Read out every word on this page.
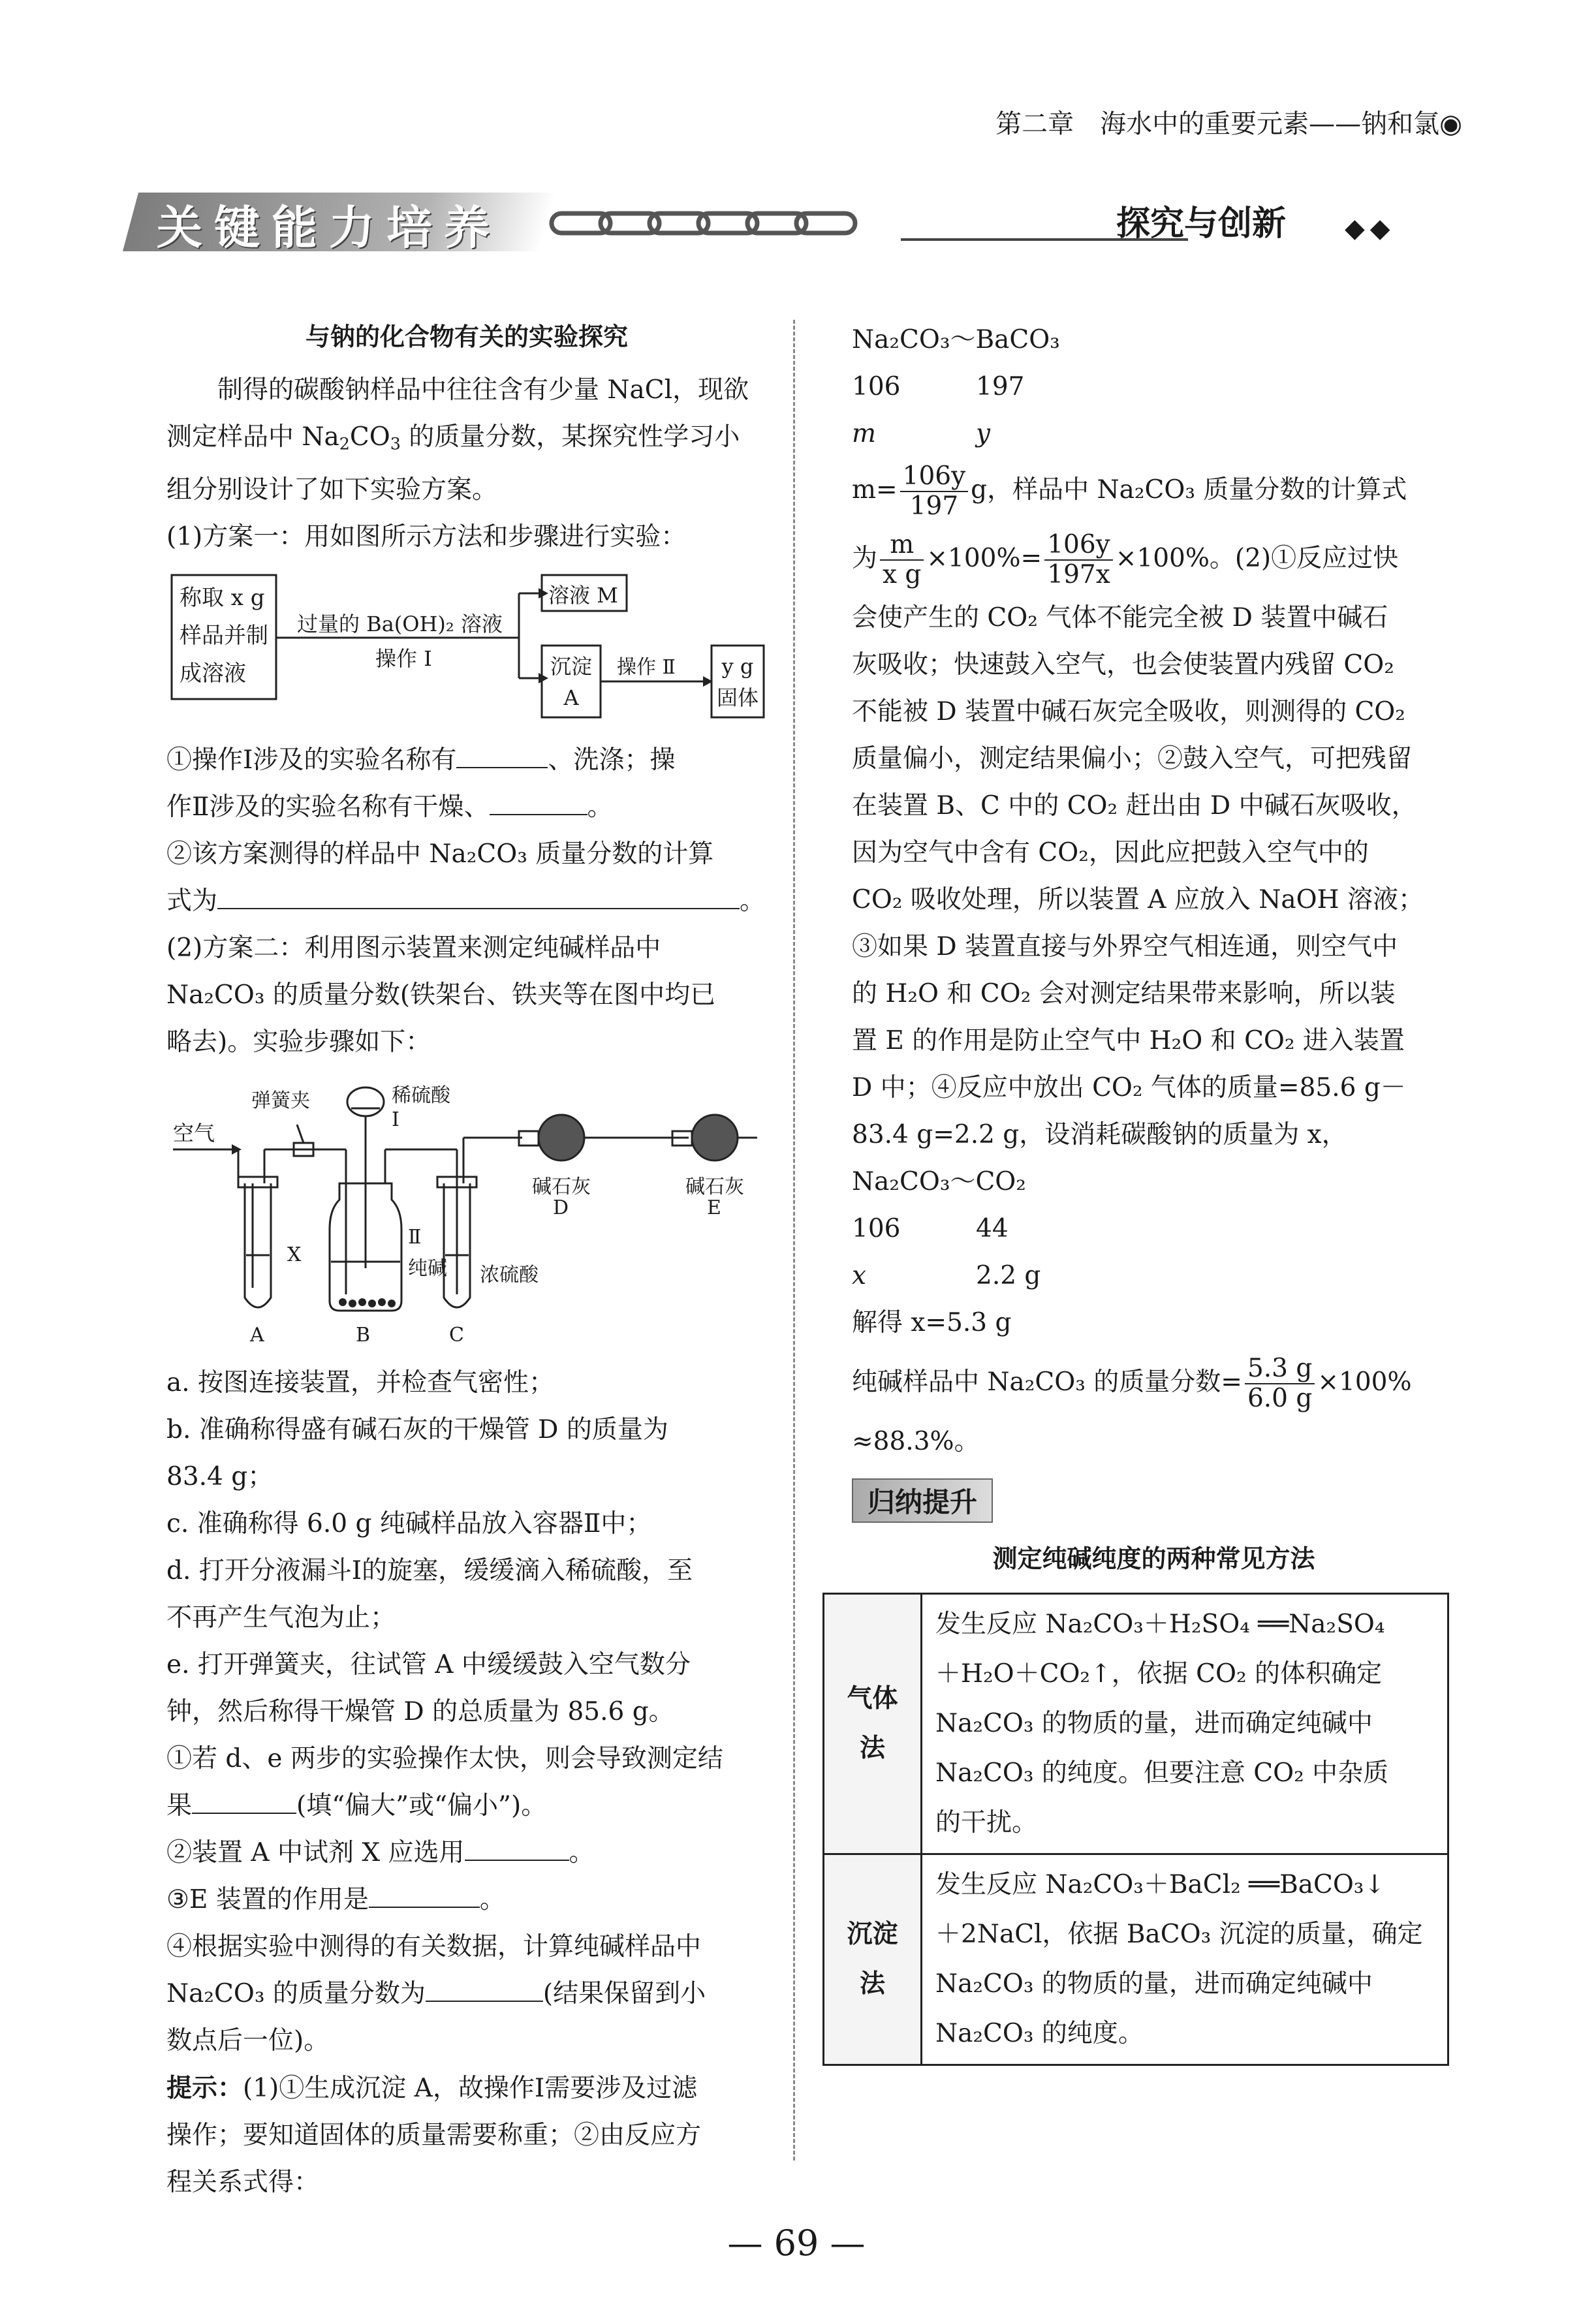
第二章　海水中的重要元素——钠和氯◉
关键能力培养	探究与创新 ◆◆
与钠的化合物有关的实验探究

制得的碳酸钠样品中往往含有少量 NaCl，现欲

测定样品中 $Na_2CO_3$ 的质量分数，某探究性学习小

组分别设计了如下实验方案。

(1)方案一：用如图所示方法和步骤进行实验：

称取 x g
样品并制
成溶液
过量的 Ba(OH)₂ 溶液
操作 Ⅰ
溶液 M
沉淀
A
操作 Ⅱ y g
固体

①操作Ⅰ涉及的实验名称有	、洗涤；操

作Ⅱ涉及的实验名称有干燥、	。

②该方案测得的样品中 Na₂CO₃ 质量分数的计算

式为	。

(2)方案二：利用图示装置来测定纯碱样品中

Na₂CO₃ 的质量分数(铁架台、铁夹等在图中均已

略去)。实验步骤如下：

空气
弹簧夹	稀硫酸
Ⅰ
X
Ⅱ
纯碱 浓硫酸
碱石灰
D
碱石灰
E
A	B	C

a. 按图连接装置，并检查气密性；

b. 准确称得盛有碱石灰的干燥管 D 的质量为

83.4 g；

c. 准确称得 6.0 g 纯碱样品放入容器Ⅱ中；

d. 打开分液漏斗Ⅰ的旋塞，缓缓滴入稀硫酸，至

不再产生气泡为止；

e. 打开弹簧夹，往试管 A 中缓缓鼓入空气数分

钟，然后称得干燥管 D 的总质量为 85.6 g。

①若 d、e 两步的实验操作太快，则会导致测定结

果	(填“偏大”或“偏小”)。

②装置 A 中试剂 X 应选用	。

③E 装置的作用是	。

④根据实验中测得的有关数据，计算纯碱样品中

Na₂CO₃ 的质量分数为	(结果保留到小

数点后一位)。

提示：(1)①生成沉淀 A，故操作Ⅰ需要涉及过滤

操作；要知道固体的质量需要称重；②由反应方

程关系式得：

Na₂CO₃～BaCO₃

106	197
m	y

$m= \frac{106y}{197}$ g，样品中 Na₂CO₃ 质量分数的计算式

为 $\frac{m}{\text{x g}} \times 100\%= \frac{106y}{197x} \times 100\%$。(2)①反应过快

会使产生的 CO₂ 气体不能完全被 D 装置中碱石

灰吸收；快速鼓入空气，也会使装置内残留 CO₂

不能被 D 装置中碱石灰完全吸收，则测得的 CO₂

质量偏小，测定结果偏小；②鼓入空气，可把残留

在装置 B、C 中的 CO₂ 赶出由 D 中碱石灰吸收，

因为空气中含有 CO₂，因此应把鼓入空气中的

CO₂ 吸收处理，所以装置 A 应放入 NaOH 溶液；

③如果 D 装置直接与外界空气相连通，则空气中

的 H₂O 和 CO₂ 会对测定结果带来影响，所以装

置 E 的作用是防止空气中 H₂O 和 CO₂ 进入装置

D 中；④反应中放出 CO₂ 气体的质量=85.6 g－

83.4 g=2.2 g，设消耗碳酸钠的质量为 x，

Na₂CO₃～CO₂

106	44
x	2.2 g

解得 x=5.3 g

纯碱样品中 Na₂CO₃ 的质量分数= $\frac{5.3 g}{6.0 g} \times 100\%$

≈88.3%。

归纳提升
测定纯碱纯度的两种常见方法
气体法	发生反应 Na₂CO₃＋H₂SO₄ ══Na₂SO₄
＋H₂O＋CO₂↑，依据 CO₂ 的体积确定
Na₂CO₃ 的物质的量，进而确定纯碱中
Na₂CO₃ 的纯度。但要注意 CO₂ 中杂质
的干扰。

沉淀法	发生反应 Na₂CO₃＋BaCl₂ ══BaCO₃↓
＋2NaCl，依据 BaCO₃ 沉淀的质量，确定
Na₂CO₃ 的物质的量，进而确定纯碱中
Na₂CO₃ 的纯度。
— 69 —
